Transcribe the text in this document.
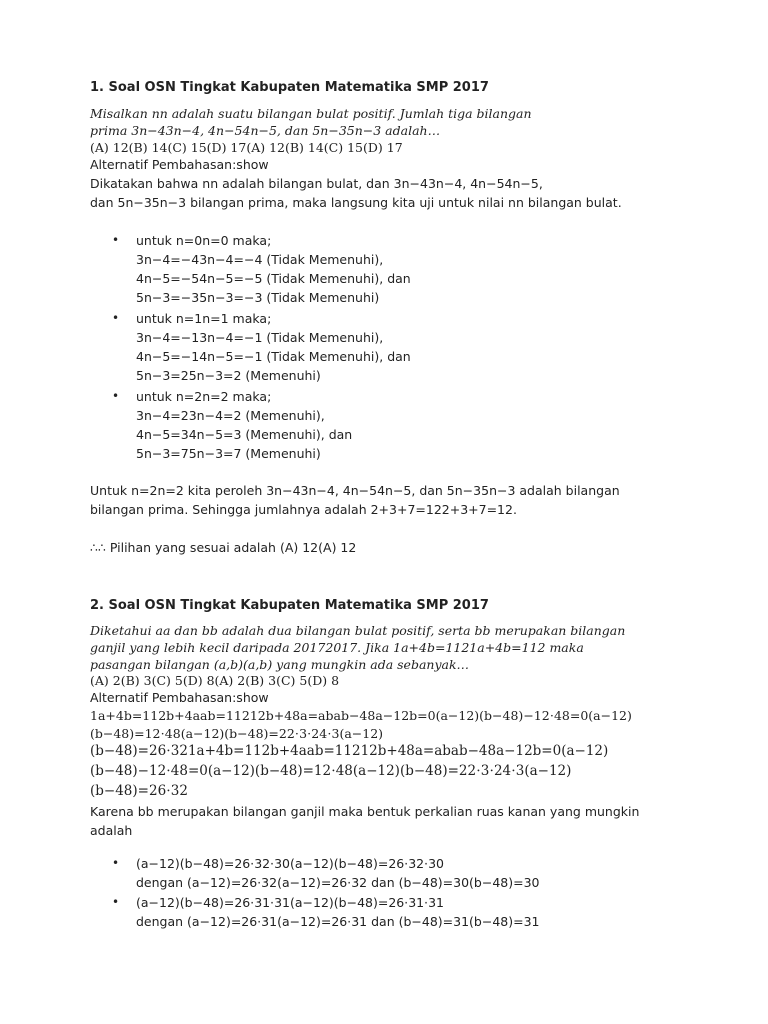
1. Soal OSN Tingkat Kabupaten Matematika SMP 2017
Misalkan nn adalah suatu bilangan bulat positif. Jumlah tiga bilangan
prima 3n−43n−4, 4n−54n−5, dan 5n−35n−3 adalah…
(A) 12(B) 14(C) 15(D) 17(A) 12(B) 14(C) 15(D) 17
Alternatif Pembahasan:show
Dikatakan bahwa nn adalah bilangan bulat, dan 3n−43n−4, 4n−54n−5,
dan 5n−35n−3 bilangan prima, maka langsung kita uji untuk nilai nn bilangan bulat.
• untuk n=0n=0 maka;
3n−4=−43n−4=−4 (Tidak Memenuhi),
4n−5=−54n−5=−5 (Tidak Memenuhi), dan
5n−3=−35n−3=−3 (Tidak Memenuhi)
• untuk n=1n=1 maka;
3n−4=−13n−4=−1 (Tidak Memenuhi),
4n−5=−14n−5=−1 (Tidak Memenuhi), dan
5n−3=25n−3=2 (Memenuhi)
• untuk n=2n=2 maka;
3n−4=23n−4=2 (Memenuhi),
4n−5=34n−5=3 (Memenuhi), dan
5n−3=75n−3=7 (Memenuhi)
Untuk n=2n=2 kita peroleh 3n−43n−4, 4n−54n−5, dan 5n−35n−3 adalah bilangan
bilangan prima. Sehingga jumlahnya adalah 2+3+7=122+3+7=12.
∴∴ Pilihan yang sesuai adalah (A) 12(A) 12
2. Soal OSN Tingkat Kabupaten Matematika SMP 2017
Diketahui aa dan bb adalah dua bilangan bulat positif, serta bb merupakan bilangan
ganjil yang lebih kecil daripada 20172017. Jika 1a+4b=1121a+4b=112 maka
pasangan bilangan (a,b)(a,b) yang mungkin ada sebanyak…
(A) 2(B) 3(C) 5(D) 8(A) 2(B) 3(C) 5(D) 8
Alternatif Pembahasan:show
1a+4b=112b+4aab=11212b+48a=abab−48a−12b=0(a−12)(b−48)−12⋅48=0(a−12)
(b−48)=12⋅48(a−12)(b−48)=22⋅3⋅24⋅3(a−12)
(b−48)=26⋅321a+4b=112b+4aab=11212b+48a=abab−48a−12b=0(a−12)
(b−48)−12⋅48=0(a−12)(b−48)=12⋅48(a−12)(b−48)=22⋅3⋅24⋅3(a−12)
(b−48)=26⋅32
Karena bb merupakan bilangan ganjil maka bentuk perkalian ruas kanan yang mungkin
adalah
• (a−12)(b−48)=26⋅32⋅30(a−12)(b−48)=26⋅32⋅30
dengan (a−12)=26⋅32(a−12)=26⋅32 dan (b−48)=30(b−48)=30
• (a−12)(b−48)=26⋅31⋅31(a−12)(b−48)=26⋅31⋅31
dengan (a−12)=26⋅31(a−12)=26⋅31 dan (b−48)=31(b−48)=31
